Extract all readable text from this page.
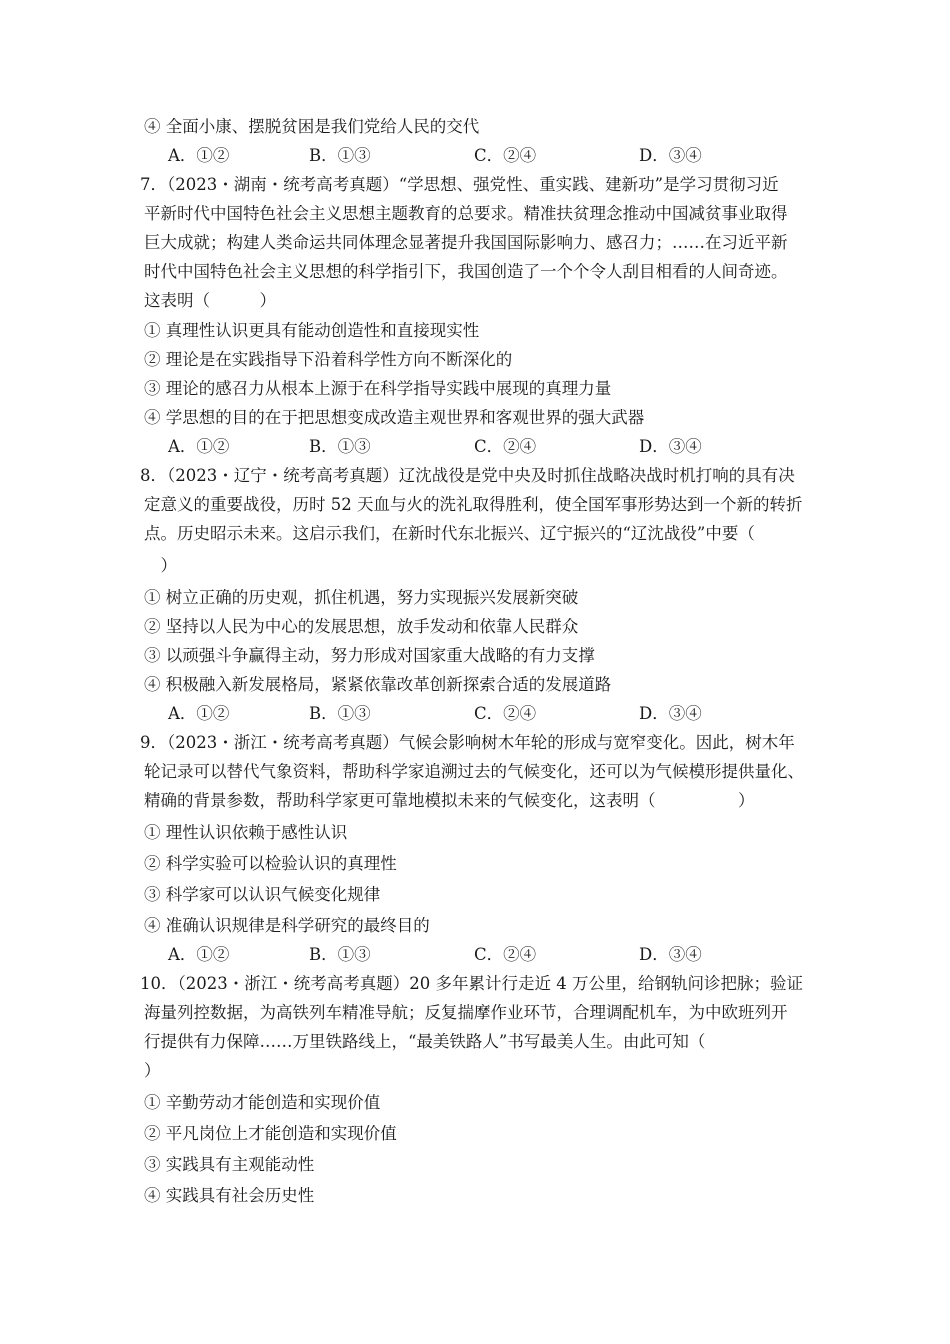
④ 全面小康、摆脱贫困是我们党给人民的交代
A．①②	B．①③	C．②④	D．③④
7．（2023・湖南・统考高考真题）“学思想、强党性、重实践、建新功”是学习贯彻习近
平新时代中国特色社会主义思想主题教育的总要求。精准扶贫理念推动中国减贫事业取得
巨大成就；构建人类命运共同体理念显著提升我国国际影响力、感召力；……在习近平新
时代中国特色社会主义思想的科学指引下，我国创造了一个个令人刮目相看的人间奇迹。
这表明（　　　）
① 真理性认识更具有能动创造性和直接现实性
② 理论是在实践指导下沿着科学性方向不断深化的
③ 理论的感召力从根本上源于在科学指导实践中展现的真理力量
④ 学思想的目的在于把思想变成改造主观世界和客观世界的强大武器
A．①②	B．①③	C．②④	D．③④
8．（2023・辽宁・统考高考真题）辽沈战役是党中央及时抓住战略决战时机打响的具有决
定意义的重要战役，历时 52 天血与火的洗礼取得胜利，使全国军事形势达到一个新的转折
点。历史昭示未来。这启示我们，在新时代东北振兴、辽宁振兴的“辽沈战役”中要（
　）
① 树立正确的历史观，抓住机遇，努力实现振兴发展新突破
② 坚持以人民为中心的发展思想，放手发动和依靠人民群众
③ 以顽强斗争赢得主动，努力形成对国家重大战略的有力支撑
④ 积极融入新发展格局，紧紧依靠改革创新探索合适的发展道路
A．①②	B．①③	C．②④	D．③④
9．（2023・浙江・统考高考真题）气候会影响树木年轮的形成与宽窄变化。因此，树木年
轮记录可以替代气象资料，帮助科学家追溯过去的气候变化，还可以为气候模形提供量化、
精确的背景参数，帮助科学家更可靠地模拟未来的气候变化，这表明（　　　　　）
① 理性认识依赖于感性认识
② 科学实验可以检验认识的真理性
③ 科学家可以认识气候变化规律
④ 准确认识规律是科学研究的最终目的
A．①②	B．①③	C．②④	D．③④
10．（2023・浙江・统考高考真题）20 多年累计行走近 4 万公里，给钢轨问诊把脉；验证
海量列控数据，为高铁列车精准导航；反复揣摩作业环节，合理调配机车，为中欧班列开
行提供有力保障……万里铁路线上，“最美铁路人”书写最美人生。由此可知（
）
① 辛勤劳动才能创造和实现价值
② 平凡岗位上才能创造和实现价值
③ 实践具有主观能动性
④ 实践具有社会历史性
